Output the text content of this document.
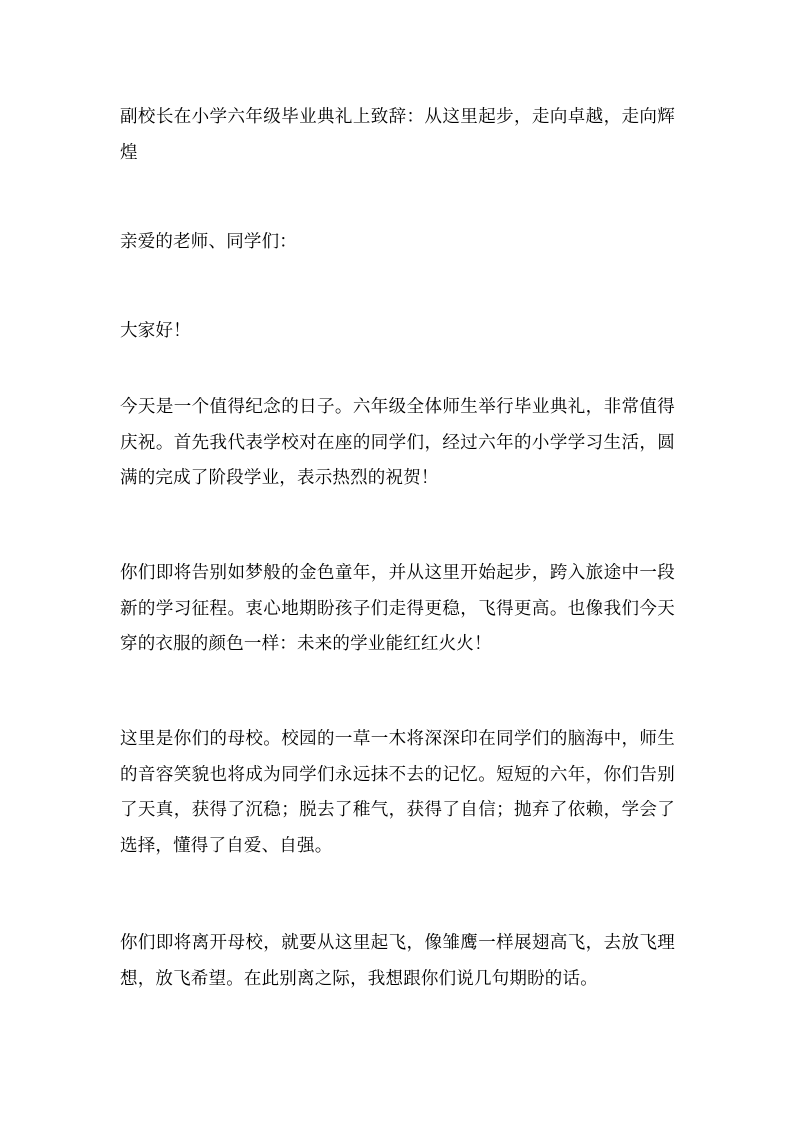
副校长在小学六年级毕业典礼上致辞：从这里起步，走向卓越，走向辉煌

亲爱的老师、同学们：

大家好！

今天是一个值得纪念的日子。六年级全体师生举行毕业典礼，非常值得庆祝。首先我代表学校对在座的同学们，经过六年的小学学习生活，圆满的完成了阶段学业，表示热烈的祝贺！

你们即将告别如梦般的金色童年，并从这里开始起步，跨入旅途中一段新的学习征程。衷心地期盼孩子们走得更稳，飞得更高。也像我们今天穿的衣服的颜色一样：未来的学业能红红火火！

这里是你们的母校。校园的一草一木将深深印在同学们的脑海中，师生的音容笑貌也将成为同学们永远抹不去的记忆。短短的六年，你们告别了天真，获得了沉稳；脱去了稚气，获得了自信；抛弃了依赖，学会了选择，懂得了自爱、自强。

你们即将离开母校，就要从这里起飞，像雏鹰一样展翅高飞，去放飞理想，放飞希望。在此别离之际，我想跟你们说几句期盼的话。
